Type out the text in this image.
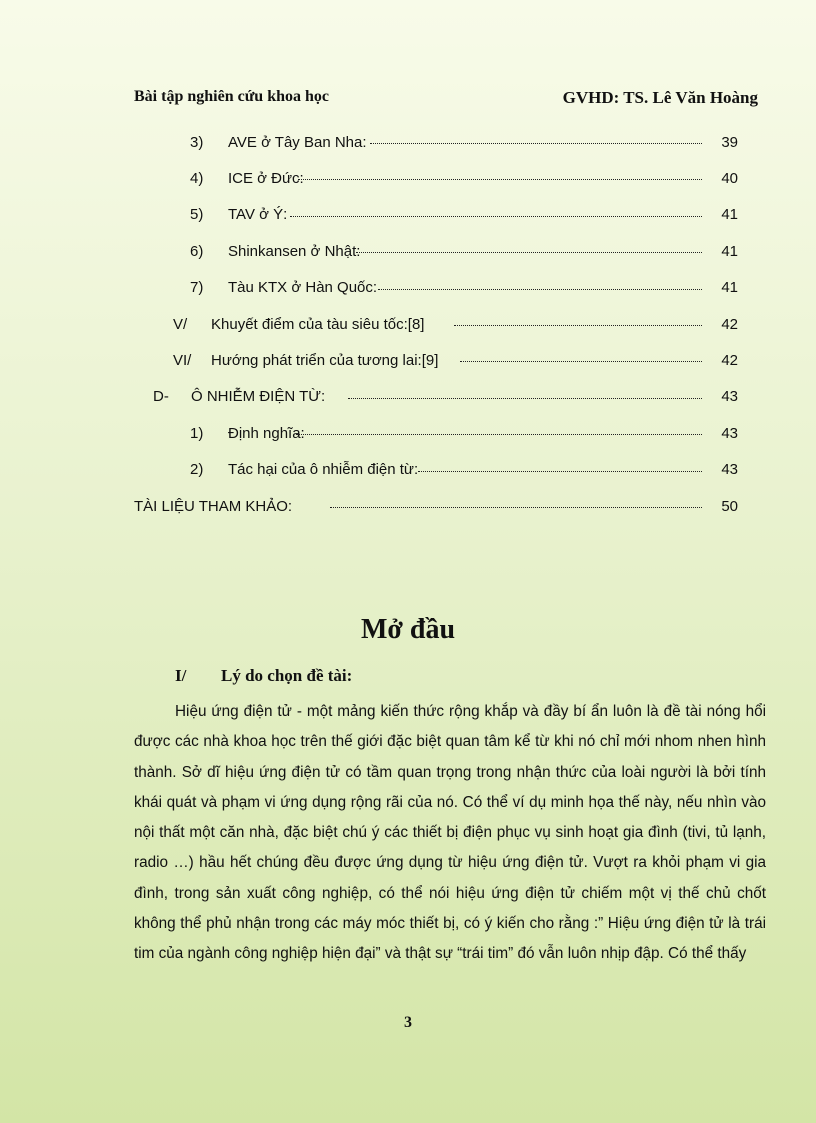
Bài tập nghiên cứu khoa học	GVHD: TS. Lê Văn Hoàng
3)	AVE ở Tây Ban Nha:	39
4)	ICE ở Đức:	40
5)	TAV ở Ý:	41
6)	Shinkansen ở Nhật:	41
7)	Tàu KTX ở Hàn Quốc:	41
V/	Khuyết điểm của tàu siêu tốc:[8]	42
VI/	Hướng phát triển của tương lai:[9]	42
D-	Ô NHIỄM ĐIỆN TỪ:	43
1)	Định nghĩa:	43
2)	Tác hại của ô nhiễm điện từ:	43
TÀI LIỆU THAM KHẢO:	50
Mở đầu
I/ Lý do chọn đề tài:

Hiệu ứng điện tử - một mảng kiến thức rộng khắp và đầy bí ẩn luôn là đề tài nóng hổi được các nhà khoa học trên thế giới đặc biệt quan tâm kể từ khi nó chỉ mới nhom nhen hình thành. Sở dĩ hiệu ứng điện tử có tầm quan trọng trong nhận thức của loài người là bởi tính khái quát và phạm vi ứng dụng rộng rãi của nó. Có thể ví dụ minh họa thế này, nếu nhìn vào nội thất một căn nhà, đặc biệt chú ý các thiết bị điện phục vụ sinh hoạt gia đình (tivi, tủ lạnh, radio …) hầu hết chúng đều được ứng dụng từ hiệu ứng điện tử. Vượt ra khỏi phạm vi gia đình, trong sản xuất công nghiệp, có thể nói hiệu ứng điện tử chiếm một vị thế chủ chốt không thể phủ nhận trong các máy móc thiết bị, có ý kiến cho rằng :” Hiệu ứng điện tử là trái tim của ngành công nghiệp hiện đại” và thật sự “trái tim” đó vẫn luôn nhịp đập. Có thể thấy

3
